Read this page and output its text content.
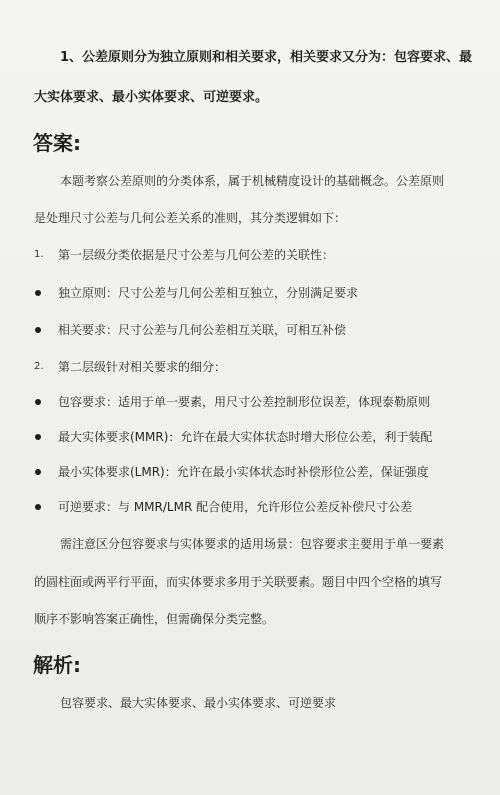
1、公差原则分为独立原则和相关要求，相关要求又分为：包容要求、最
大实体要求、最小实体要求、可逆要求。
答案:
本题考察公差原则的分类体系，属于机械精度设计的基础概念。公差原则
是处理尺寸公差与几何公差关系的准则，其分类逻辑如下：
1. 第一层级分类依据是尺寸公差与几何公差的关联性：
独立原则：尺寸公差与几何公差相互独立，分别满足要求
相关要求：尺寸公差与几何公差相互关联，可相互补偿
2. 第二层级针对相关要求的细分：
包容要求：适用于单一要素，用尺寸公差控制形位误差，体现泰勒原则
最大实体要求(MMR)：允许在最大实体状态时增大形位公差，利于装配
最小实体要求(LMR)：允许在最小实体状态时补偿形位公差，保证强度
可逆要求：与 MMR/LMR 配合使用，允许形位公差反补偿尺寸公差
需注意区分包容要求与实体要求的适用场景：包容要求主要用于单一要素
的圆柱面或两平行平面，而实体要求多用于关联要素。题目中四个空格的填写
顺序不影响答案正确性，但需确保分类完整。
解析:
包容要求、最大实体要求、最小实体要求、可逆要求
